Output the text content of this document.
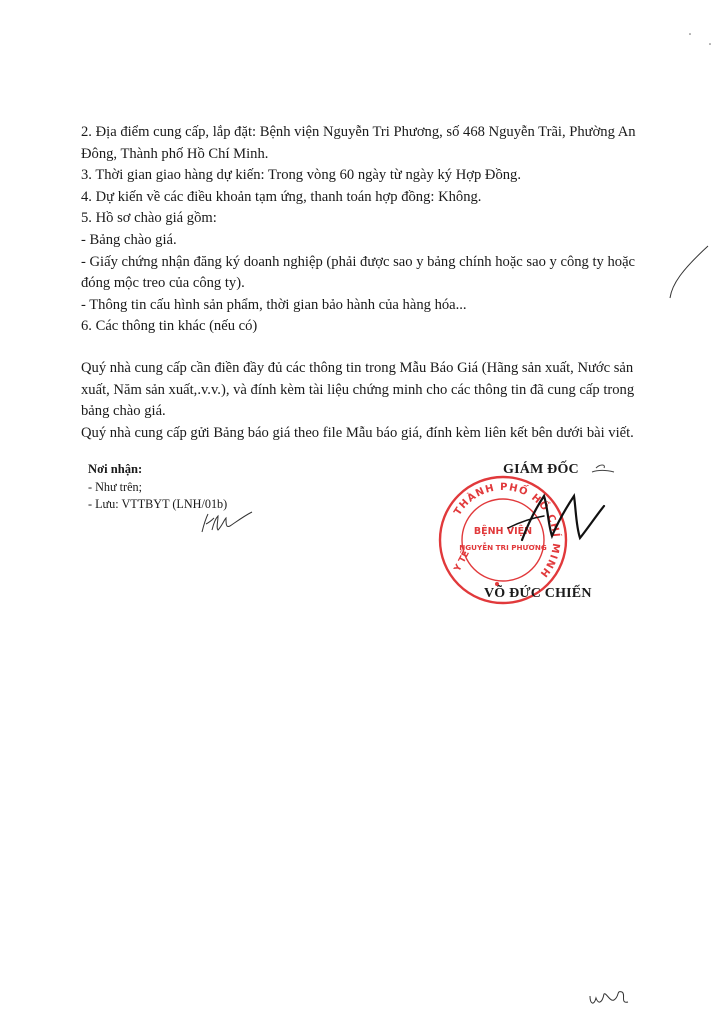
2. Địa điểm cung cấp, lắp đặt: Bệnh viện Nguyễn Tri Phương, số 468 Nguyễn Trãi, Phường An Đông, Thành phố Hồ Chí Minh.

3. Thời gian giao hàng dự kiến: Trong vòng 60 ngày từ ngày ký Hợp Đồng.

4. Dự kiến về các điều khoản tạm ứng, thanh toán hợp đồng: Không.

5. Hồ sơ chào giá gồm:

- Bảng chào giá.

- Giấy chứng nhận đăng ký doanh nghiệp (phải được sao y bảng chính hoặc sao y công ty hoặc đóng mộc treo của công ty).

- Thông tin cấu hình sản phẩm, thời gian bảo hành của hàng hóa...

6. Các thông tin khác (nếu có)

Quý nhà cung cấp cần điền đầy đủ các thông tin trong Mẫu Báo Giá (Hãng sản xuất, Nước sản xuất, Năm sản xuất,.v.v.), và đính kèm tài liệu chứng minh cho các thông tin đã cung cấp trong bảng chào giá.

Quý nhà cung cấp gửi Bảng báo giá theo file Mẫu báo giá, đính kèm liên kết bên dưới bài viết.

Nơi nhận:
- Như trên;
- Lưu: VTTBYT (LNH/01b)
GIÁM ĐỐC
THÀNH PHỐ HỒ CHÍ MINH
Y TẾ
BỆNH VIỆN
NGUYỄN TRI PHƯƠNG
VÕ ĐỨC CHIẾN
